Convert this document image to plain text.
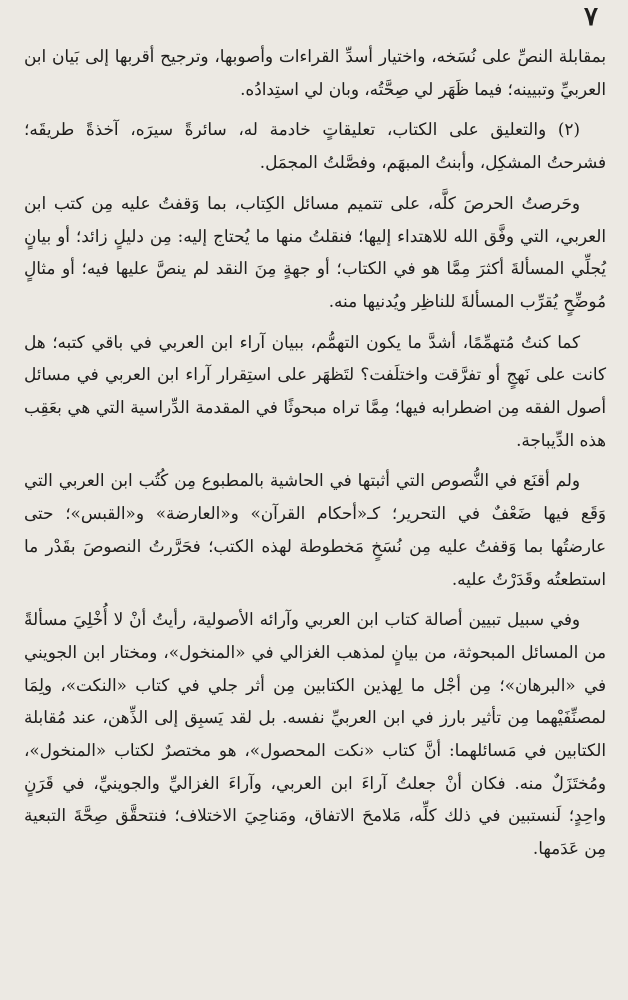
٧

بمقابلة النصِّ على نُسَخه، واختيار أسدِّ القراءات وأصوبها، وترجيح أقربها إلى بَيان ابن العربيِّ وتبيينه؛ فيما ظَهَر لي صِحَّتُه، وبان لي استِدادُه.

(٢) والتعليق على الكتاب، تعليقاتٍ خادمة له، سائرةً سيرَه، آخذةً طريقَه؛ فشرحتُ المشكِل، وأبنتُ المبهَم، وفصَّلتُ المجمَل.

وحَرصتُ الحرصَ كلَّه، على تتميم مسائل الكِتاب، بما وَقفتُ عليه مِن كتب ابن العربي، التي وفَّق الله للاهتداء إليها؛ فنقلتُ منها ما يُحتاج إليه: مِن دليلٍ زائد؛ أو بيانٍ يُجلِّي المسألةَ أكثرَ مِمَّا هو في الكتاب؛ أو جهةٍ مِنَ النقد لم ينصَّ عليها فيه؛ أو مثالٍ مُوضِّحٍ يُقرِّب المسألةَ للناظِر ويُدنيها منه.

كما كنتُ مُتهمِّمًا، أشدَّ ما يكون التهمُّم، ببيان آراء ابن العربي في باقي كتبه؛ هل كانت على نَهجٍ أو تفرَّقت واختلَفت؟ لتَظهَر على استِقرار آراء ابن العربي في مسائل أصول الفقه مِن اضطرابه فيها؛ مِمَّا تراه مبحوثًا في المقدمة الدِّراسية التي هي بعَقِب هذه الدِّيباجة.

ولم أقنَع في النُّصوص التي أثبتها في الحاشية بالمطبوع مِن كُتُب ابن العربي التي وَقَع فيها ضَعْفٌ في التحرير؛ كـ«أحكام القرآن» و«العارضة» و«القبس»؛ حتى عارضتُها بما وَقفتُ عليه مِن نُسَخٍ مَخطوطة لهذه الكتب؛ فحَرَّرتُ النصوصَ بقَدْر ما استطعتُه وقَدَرْتُ عليه.

وفي سبيل تبيين أصالة كتاب ابن العربي وآرائه الأصولية، رأيتُ أنْ لا أُخْلِيَ مسألةً من المسائل المبحوثة، من بيانٍ لمذهب الغزالي في «المنخول»، ومختار ابن الجويني في «البرهان»؛ مِن أجْل ما لِهذين الكتابين مِن أثر جلي في كتاب «النكت»، ولِمَا لمصنِّفَيْهما مِن تأثير بارز في ابن العربيِّ نفسه. بل لقد يَسبِق إلى الذِّهن، عند مُقابلة الكتابين في مَسائلهما: أنَّ كتاب «نكت المحصول»، هو مختصرٌ لكتاب «المنخول»، ومُختَزَلٌ منه. فكان أنْ جعلتُ آراءَ ابن العربي، وآراءَ الغزاليِّ والجوينيِّ، في قَرَنٍ واحِدٍ؛ لَنستبين في ذلك كلِّه، مَلامحَ الاتفاق، ومَناحِيَ الاختلاف؛ فنتحقَّق صِحَّةَ التبعية مِن عَدَمها.
